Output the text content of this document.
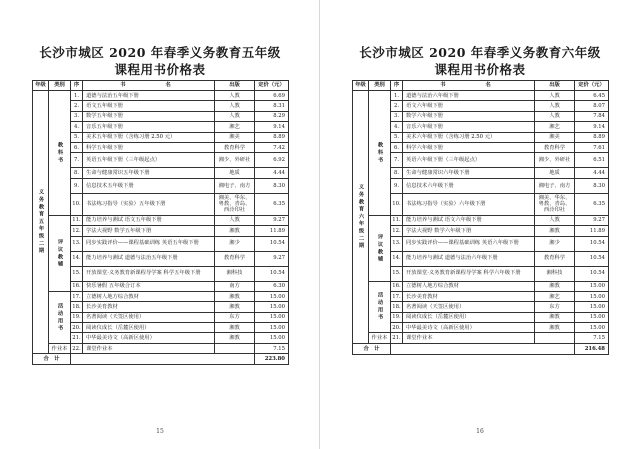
长沙市城区 2020 年春季义务教育五年级
课程用书价格表
年级	类别	序	书　　　名	出版	定价（元）
义务教育五年级二期	教科书	1.	道德与法治五年级下册	人教	6.69
		2.	语文五年级下册	人教	8.31
		3.	数学五年级下册	人教	8.29
		4.	音乐五年级下册	湘艺	9.14
		5.	美术五年级下册（含练习册 2.50 元）	湘美	8.89
		6.	科学五年级下册	教育科学	7.42
		7.	英语五年级下册（三年级起点）	湘少、外研社	6.92
		8.	生命与健康常识五年级下册	地质	4.44
		9.	信息技术五年级下册	湘电子、南方	8.30
		10.	书法练习指导（实验）五年级下册	湘美、华东、粤教、青岛、西泠印社	6.35
	评议教辅	11.	能力培养与测试 语文五年级下册	人教	9.27
		12.	学法大视野 数学五年级下册	湘教	11.89
		13.	同步实践评价——课程基础训练 英语五年级下册	湘少	10.54
		14.	能力培养与测试 道德与法治五年级下册	教育科学	9.27
		15.	开放课堂·义务教育新课程导学案 科学五年级下册	湘科技	10.54
		16.	快乐暑假 五年级合订本	南方	6.30
	活动用书	17.	立德树人地方综合教材	湘教	15.00
		18.	长沙美育教材	湘教	15.00
		19.	名著阅读（天签区使用）	东方	15.00
		20.	阅读仪成长（岳麓区使用）	湘教	15.00
		21.	中华最美诗文（高新区使用）	湘教	15.00
	作业本	22.	课堂作业本		7.15
合　计					223.80
15
长沙市城区 2020 年春季义务教育六年级
课程用书价格表
年级	类别	序	书　　　名	出版	定价（元）
义务教育六年级二期	教科书	1.	道德与法治六年级下册	人教	6.45
		2.	语文六年级下册	人教	8.07
		3.	数学六年级下册	人教	7.84
		4.	音乐六年级下册	湘艺	9.14
		5.	美术六年级下册（含练习册 2.50 元）	湘美	8.89
		6.	科学六年级下册	教育科学	7.61
		7.	英语六年级下册（三年级起点）	湘少、外研社	6.51
		8.	生命与健康常识六年级下册	地质	4.44
		9.	信息技术六年级下册	湘电子、南方	8.30
		10.	书法练习指导（实验）六年级下册	湘美、华东、粤教、青岛、西泠印社	6.35
	评议教辅	11.	能力培养与测试 语文六年级下册	人教	9.27
		12.	学法大视野 数学六年级下册	湘教	11.89
		13.	同步实践评价——课程基础训练 英语六年级下册	湘少	10.54
		14.	能力培养与测试 道德与法治六年级下册	教育科学	10.54
		15.	开放课堂·义务教育新课程导学案 科学六年级下册	湘科技	10.54
	活动用书	16.	立德树人地方综合教材	湘教	15.00
		17.	长沙美育教材	湘艺	15.00
		18.	名著阅读（天签区使用）	东方	15.00
		19.	阅读仪成长（岳麓区使用）	湘教	15.00
		20.	中华最美诗文（高新区使用）	湘教	15.00
	作业本	21.	课堂作业本		7.15
合　计					216.48
16
